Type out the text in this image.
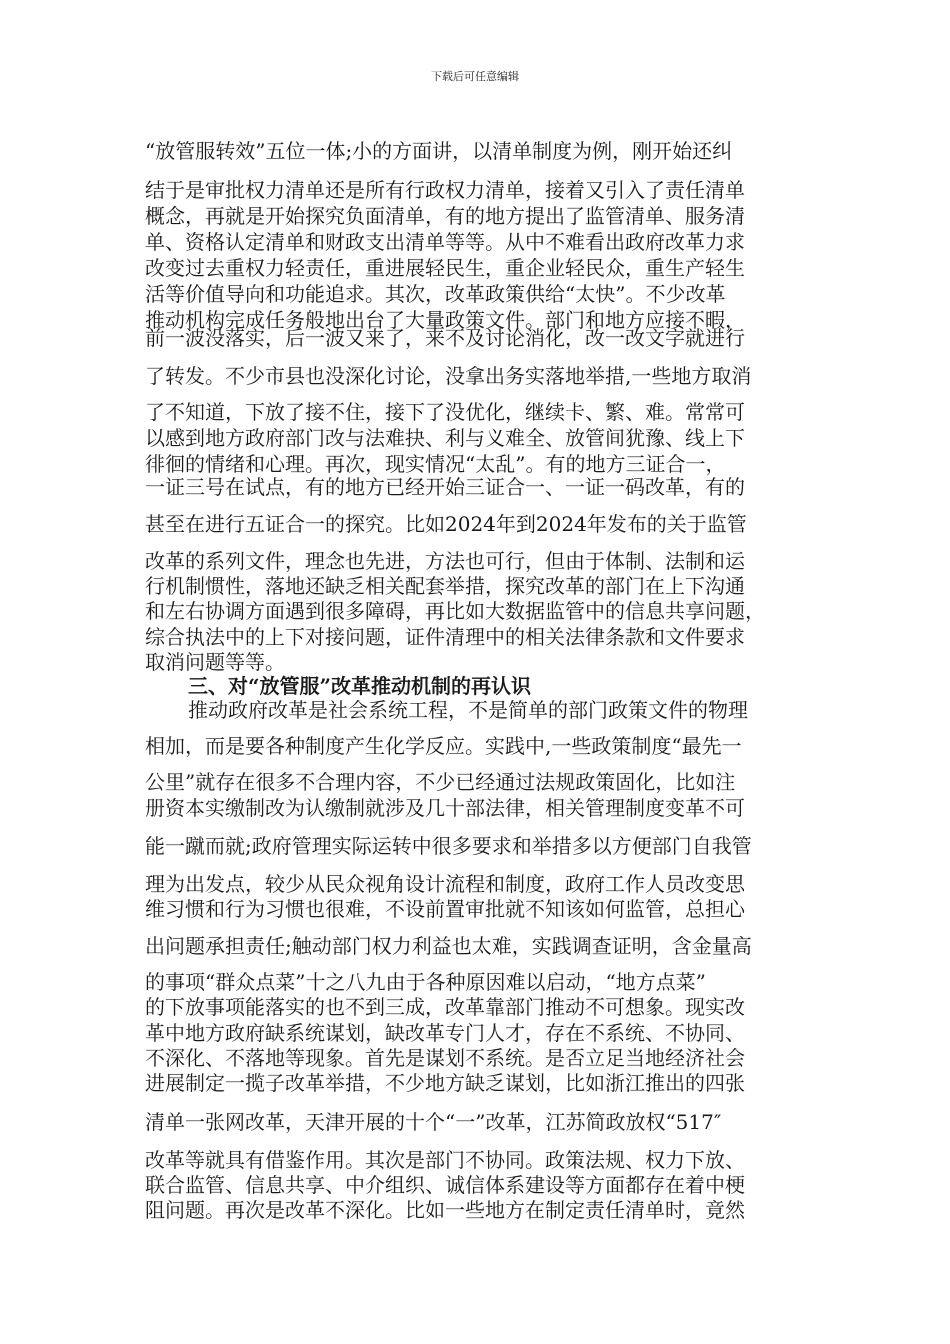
下载后可任意编辑
“放管服转效”五位一体;小的方面讲，以清单制度为例，刚开始还纠
结于是审批权力清单还是所有行政权力清单，接着又引入了责任清单
概念，再就是开始探究负面清单，有的地方提出了监管清单、服务清
单、资格认定清单和财政支出清单等等。从中不难看出政府改革力求
改变过去重权力轻责任，重进展轻民生，重企业轻民众，重生产轻生
活等价值导向和功能追求。其次，改革政策供给“太快”。不少改革
推动机构完成任务般地出台了大量政策文件。部门和地方应接不暇，
前一波没落实，后一波又来了，来不及讨论消化，改一改文字就进行
了转发。不少市县也没深化讨论，没拿出务实落地举措,一些地方取消
了不知道，下放了接不住，接下了没优化，继续卡、繁、难。常常可
以感到地方政府部门改与法难抉、利与义难全、放管间犹豫、线上下
徘徊的情绪和心理。再次，现实情况“太乱”。有的地方三证合一，
一证三号在试点，有的地方已经开始三证合一、一证一码改革，有的
甚至在进行五证合一的探究。比如2024年到2024年发布的关于监管
改革的系列文件，理念也先进，方法也可行，但由于体制、法制和运
行机制惯性，落地还缺乏相关配套举措，探究改革的部门在上下沟通
和左右协调方面遇到很多障碍，再比如大数据监管中的信息共享问题，
综合执法中的上下对接问题，证件清理中的相关法律条款和文件要求
取消问题等等。
三、对“放管服”改革推动机制的再认识
推动政府改革是社会系统工程，不是简单的部门政策文件的物理
相加，而是要各种制度产生化学反应。实践中,一些政策制度“最先一
公里”就存在很多不合理内容，不少已经通过法规政策固化，比如注
册资本实缴制改为认缴制就涉及几十部法律，相关管理制度变革不可
能一蹴而就;政府管理实际运转中很多要求和举措多以方便部门自我管
理为出发点，较少从民众视角设计流程和制度，政府工作人员改变思
维习惯和行为习惯也很难，不设前置审批就不知该如何监管，总担心
出问题承担责任;触动部门权力利益也太难，实践调查证明，含金量高
的事项“群众点菜”十之八九由于各种原因难以启动，“地方点菜”
的下放事项能落实的也不到三成，改革靠部门推动不可想象。现实改
革中地方政府缺系统谋划，缺改革专门人才，存在不系统、不协同、
不深化、不落地等现象。首先是谋划不系统。是否立足当地经济社会
进展制定一揽子改革举措，不少地方缺乏谋划，比如浙江推出的四张
清单一张网改革，天津开展的十个“一”改革，江苏简政放权“517″
改革等就具有借鉴作用。其次是部门不协同。政策法规、权力下放、
联合监管、信息共享、中介组织、诚信体系建设等方面都存在着中梗
阻问题。再次是改革不深化。比如一些地方在制定责任清单时，竟然
